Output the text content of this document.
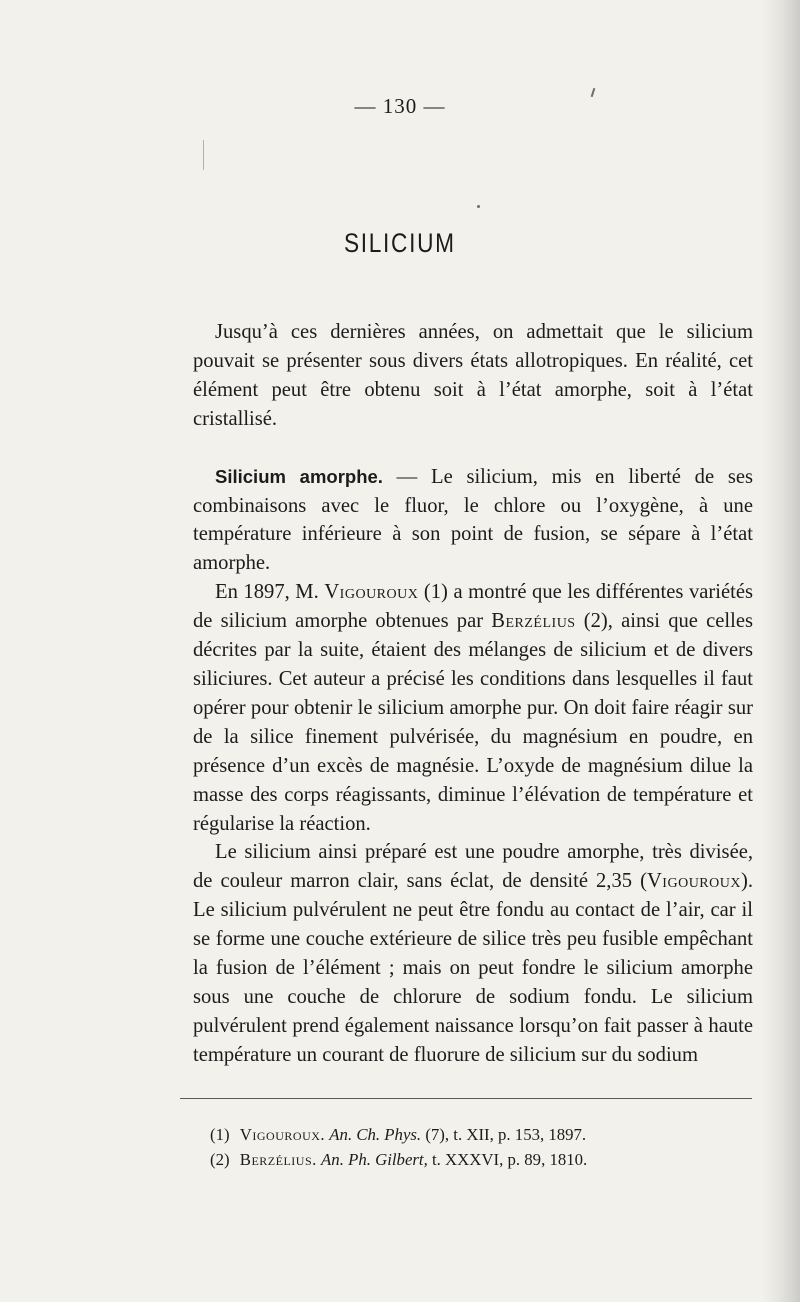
— 130 —
SILICIUM

Jusqu’à ces dernières années, on admettait que le silicium pouvait se présenter sous divers états allotropiques. En réalité, cet élément peut être obtenu soit à l’état amorphe, soit à l’état cristallisé.

Silicium amorphe. — Le silicium, mis en liberté de ses combinaisons avec le fluor, le chlore ou l’oxygène, à une température inférieure à son point de fusion, se sépare à l’état amorphe.

En 1897, M. Vigouroux (1) a montré que les différentes variétés de silicium amorphe obtenues par Berzélius (2), ainsi que celles décrites par la suite, étaient des mélanges de silicium et de divers siliciures. Cet auteur a précisé les conditions dans lesquelles il faut opérer pour obtenir le silicium amorphe pur. On doit faire réagir sur de la silice finement pulvérisée, du magnésium en poudre, en présence d’un excès de magnésie. L’oxyde de magnésium dilue la masse des corps réagissants, diminue l’élévation de température et régularise la réaction.

Le silicium ainsi préparé est une poudre amorphe, très divisée, de couleur marron clair, sans éclat, de densité 2,35 (Vigouroux). Le silicium pulvérulent ne peut être fondu au contact de l’air, car il se forme une couche extérieure de silice très peu fusible empêchant la fusion de l’élément ; mais on peut fondre le silicium amorphe sous une couche de chlorure de sodium fondu. Le silicium pulvérulent prend également naissance lorsqu’on fait passer à haute température un courant de fluorure de silicium sur du sodium

(1) Vigouroux. An. Ch. Phys. (7), t. XII, p. 153, 1897.
(2) Berzélius. An. Ph. Gilbert, t. XXXVI, p. 89, 1810.
